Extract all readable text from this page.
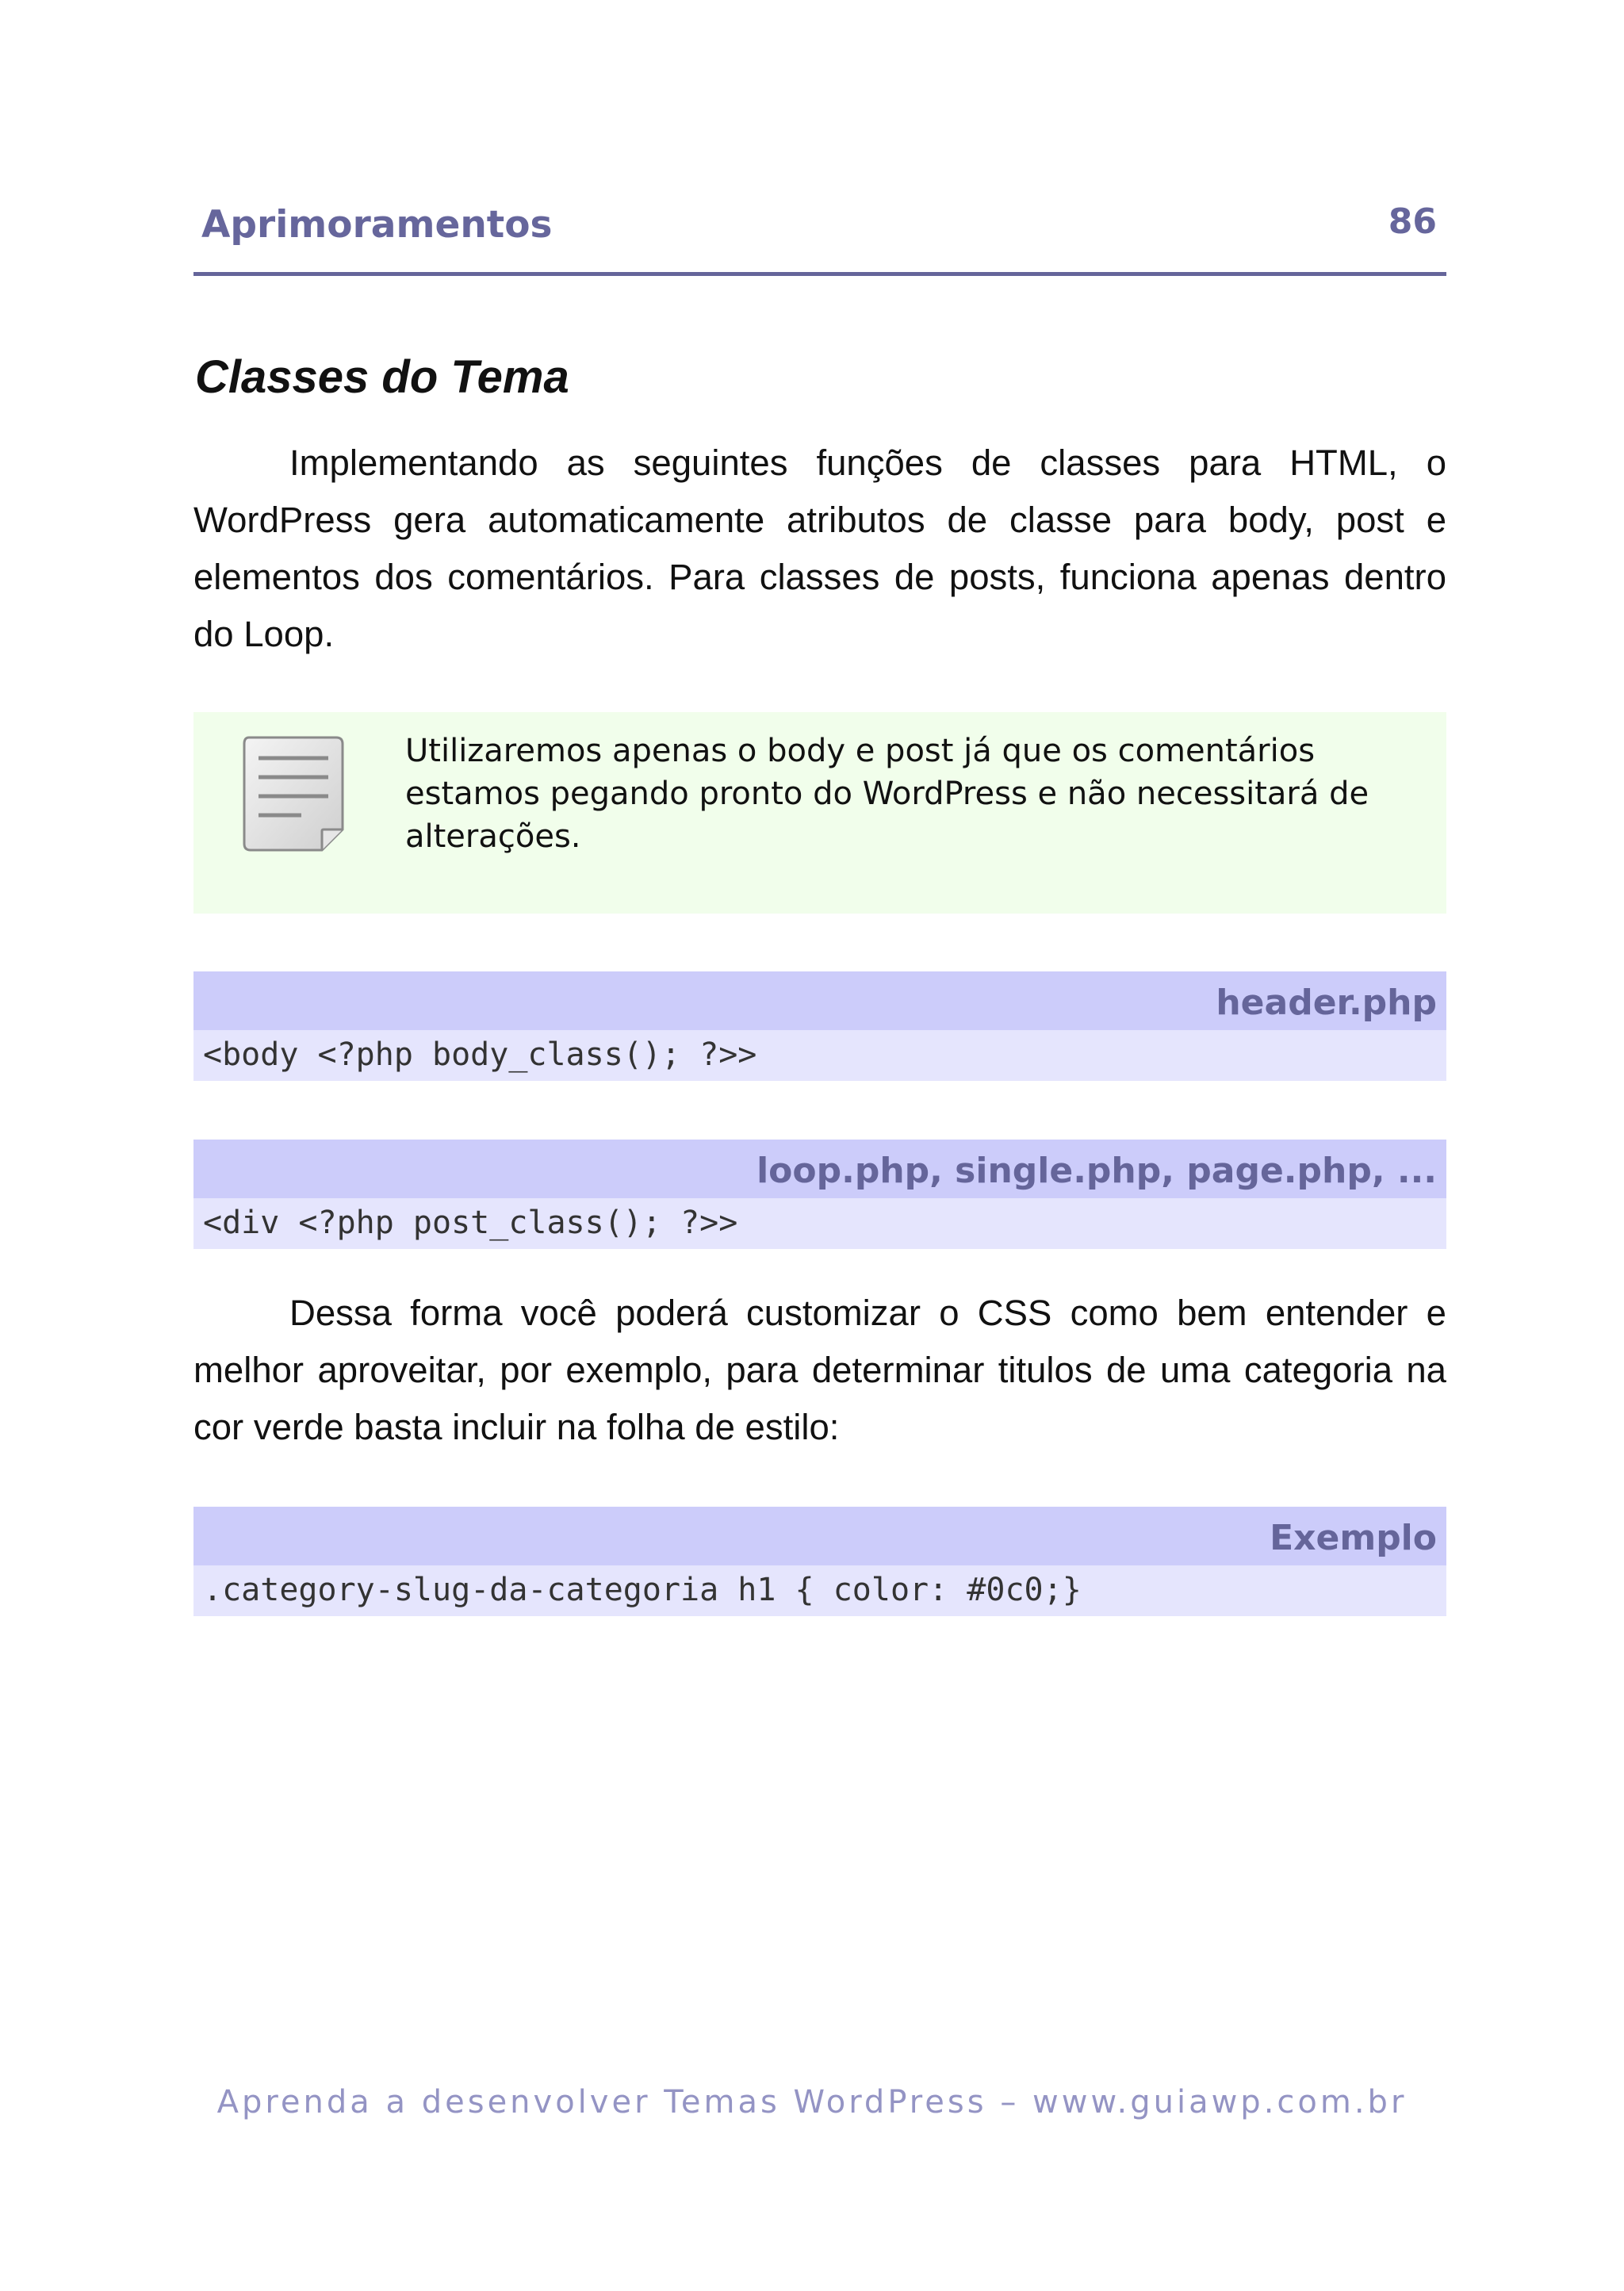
Aprimoramentos	86
Classes do Tema

Implementando as seguintes funções de classes para HTML, o WordPress gera automaticamente atributos de classe para body, post e elementos dos comentários. Para classes de posts, funciona apenas dentro do Loop.

Utilizaremos apenas o body e post já que os comentários estamos pegando pronto do WordPress e não necessitará de alterações.

header.php
<body <?php body_class(); ?>>
loop.php, single.php, page.php, ...
<div <?php post_class(); ?>>

Dessa forma você poderá customizar o CSS como bem entender e melhor aproveitar, por exemplo, para determinar titulos de uma categoria na cor verde basta incluir na folha de estilo:

Exemplo
.category-slug-da-categoria h1 { color: #0c0;}
Aprenda a desenvolver Temas WordPress – www.guiawp.com.br
